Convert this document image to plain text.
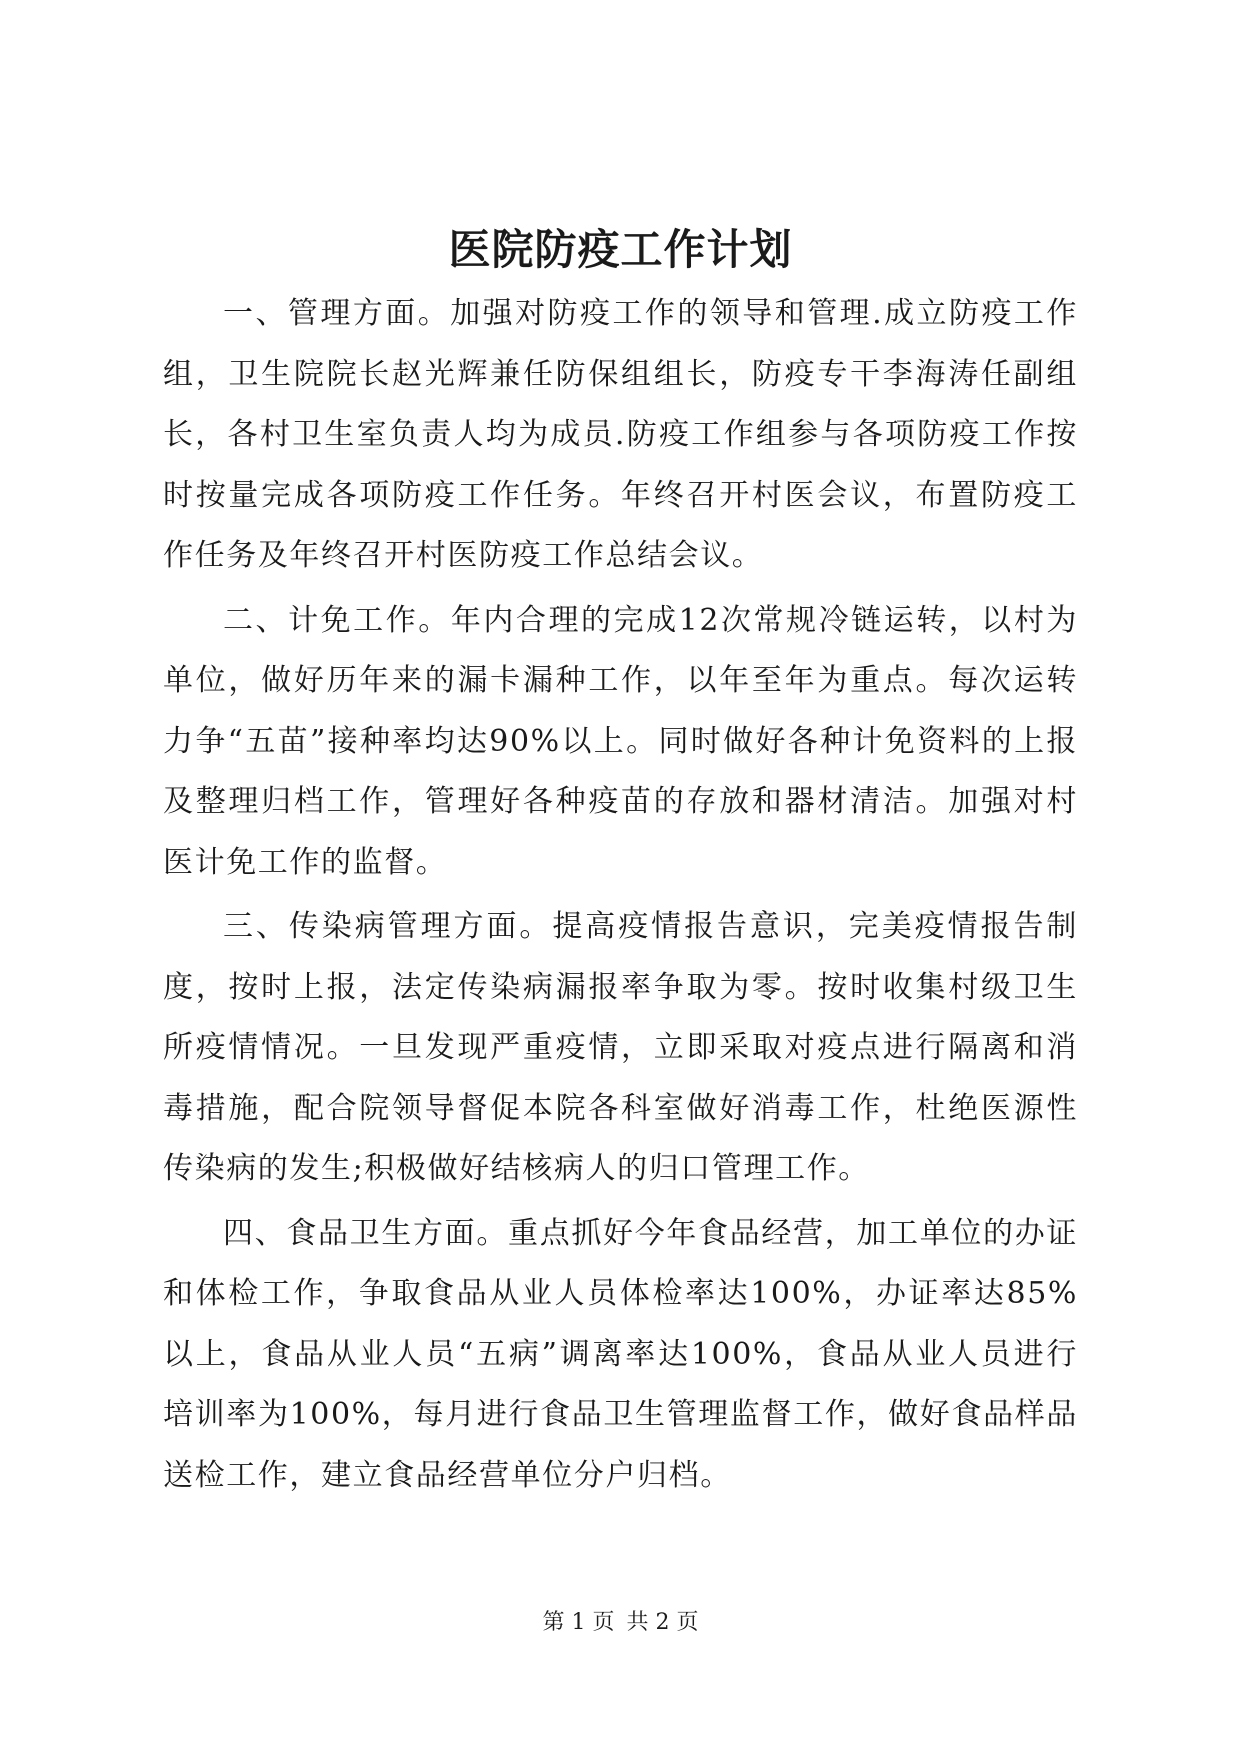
医院防疫工作计划

一、管理方面。加强对防疫工作的领导和管理.成立防疫工作组，卫生院院长赵光辉兼任防保组组长，防疫专干李海涛任副组长，各村卫生室负责人均为成员.防疫工作组参与各项防疫工作按时按量完成各项防疫工作任务。年终召开村医会议，布置防疫工作任务及年终召开村医防疫工作总结会议。

二、计免工作。年内合理的完成12次常规冷链运转，以村为单位，做好历年来的漏卡漏种工作，以年至年为重点。每次运转力争“五苗”接种率均达90%以上。同时做好各种计免资料的上报及整理归档工作，管理好各种疫苗的存放和器材清洁。加强对村医计免工作的监督。

三、传染病管理方面。提高疫情报告意识，完美疫情报告制度，按时上报，法定传染病漏报率争取为零。按时收集村级卫生所疫情情况。一旦发现严重疫情，立即采取对疫点进行隔离和消毒措施，配合院领导督促本院各科室做好消毒工作，杜绝医源性传染病的发生;积极做好结核病人的归口管理工作。

四、食品卫生方面。重点抓好今年食品经营，加工单位的办证和体检工作，争取食品从业人员体检率达100%，办证率达85%以上，食品从业人员“五病”调离率达100%，食品从业人员进行培训率为100%，每月进行食品卫生管理监督工作，做好食品样品送检工作，建立食品经营单位分户归档。

第 1 页 共 2 页
